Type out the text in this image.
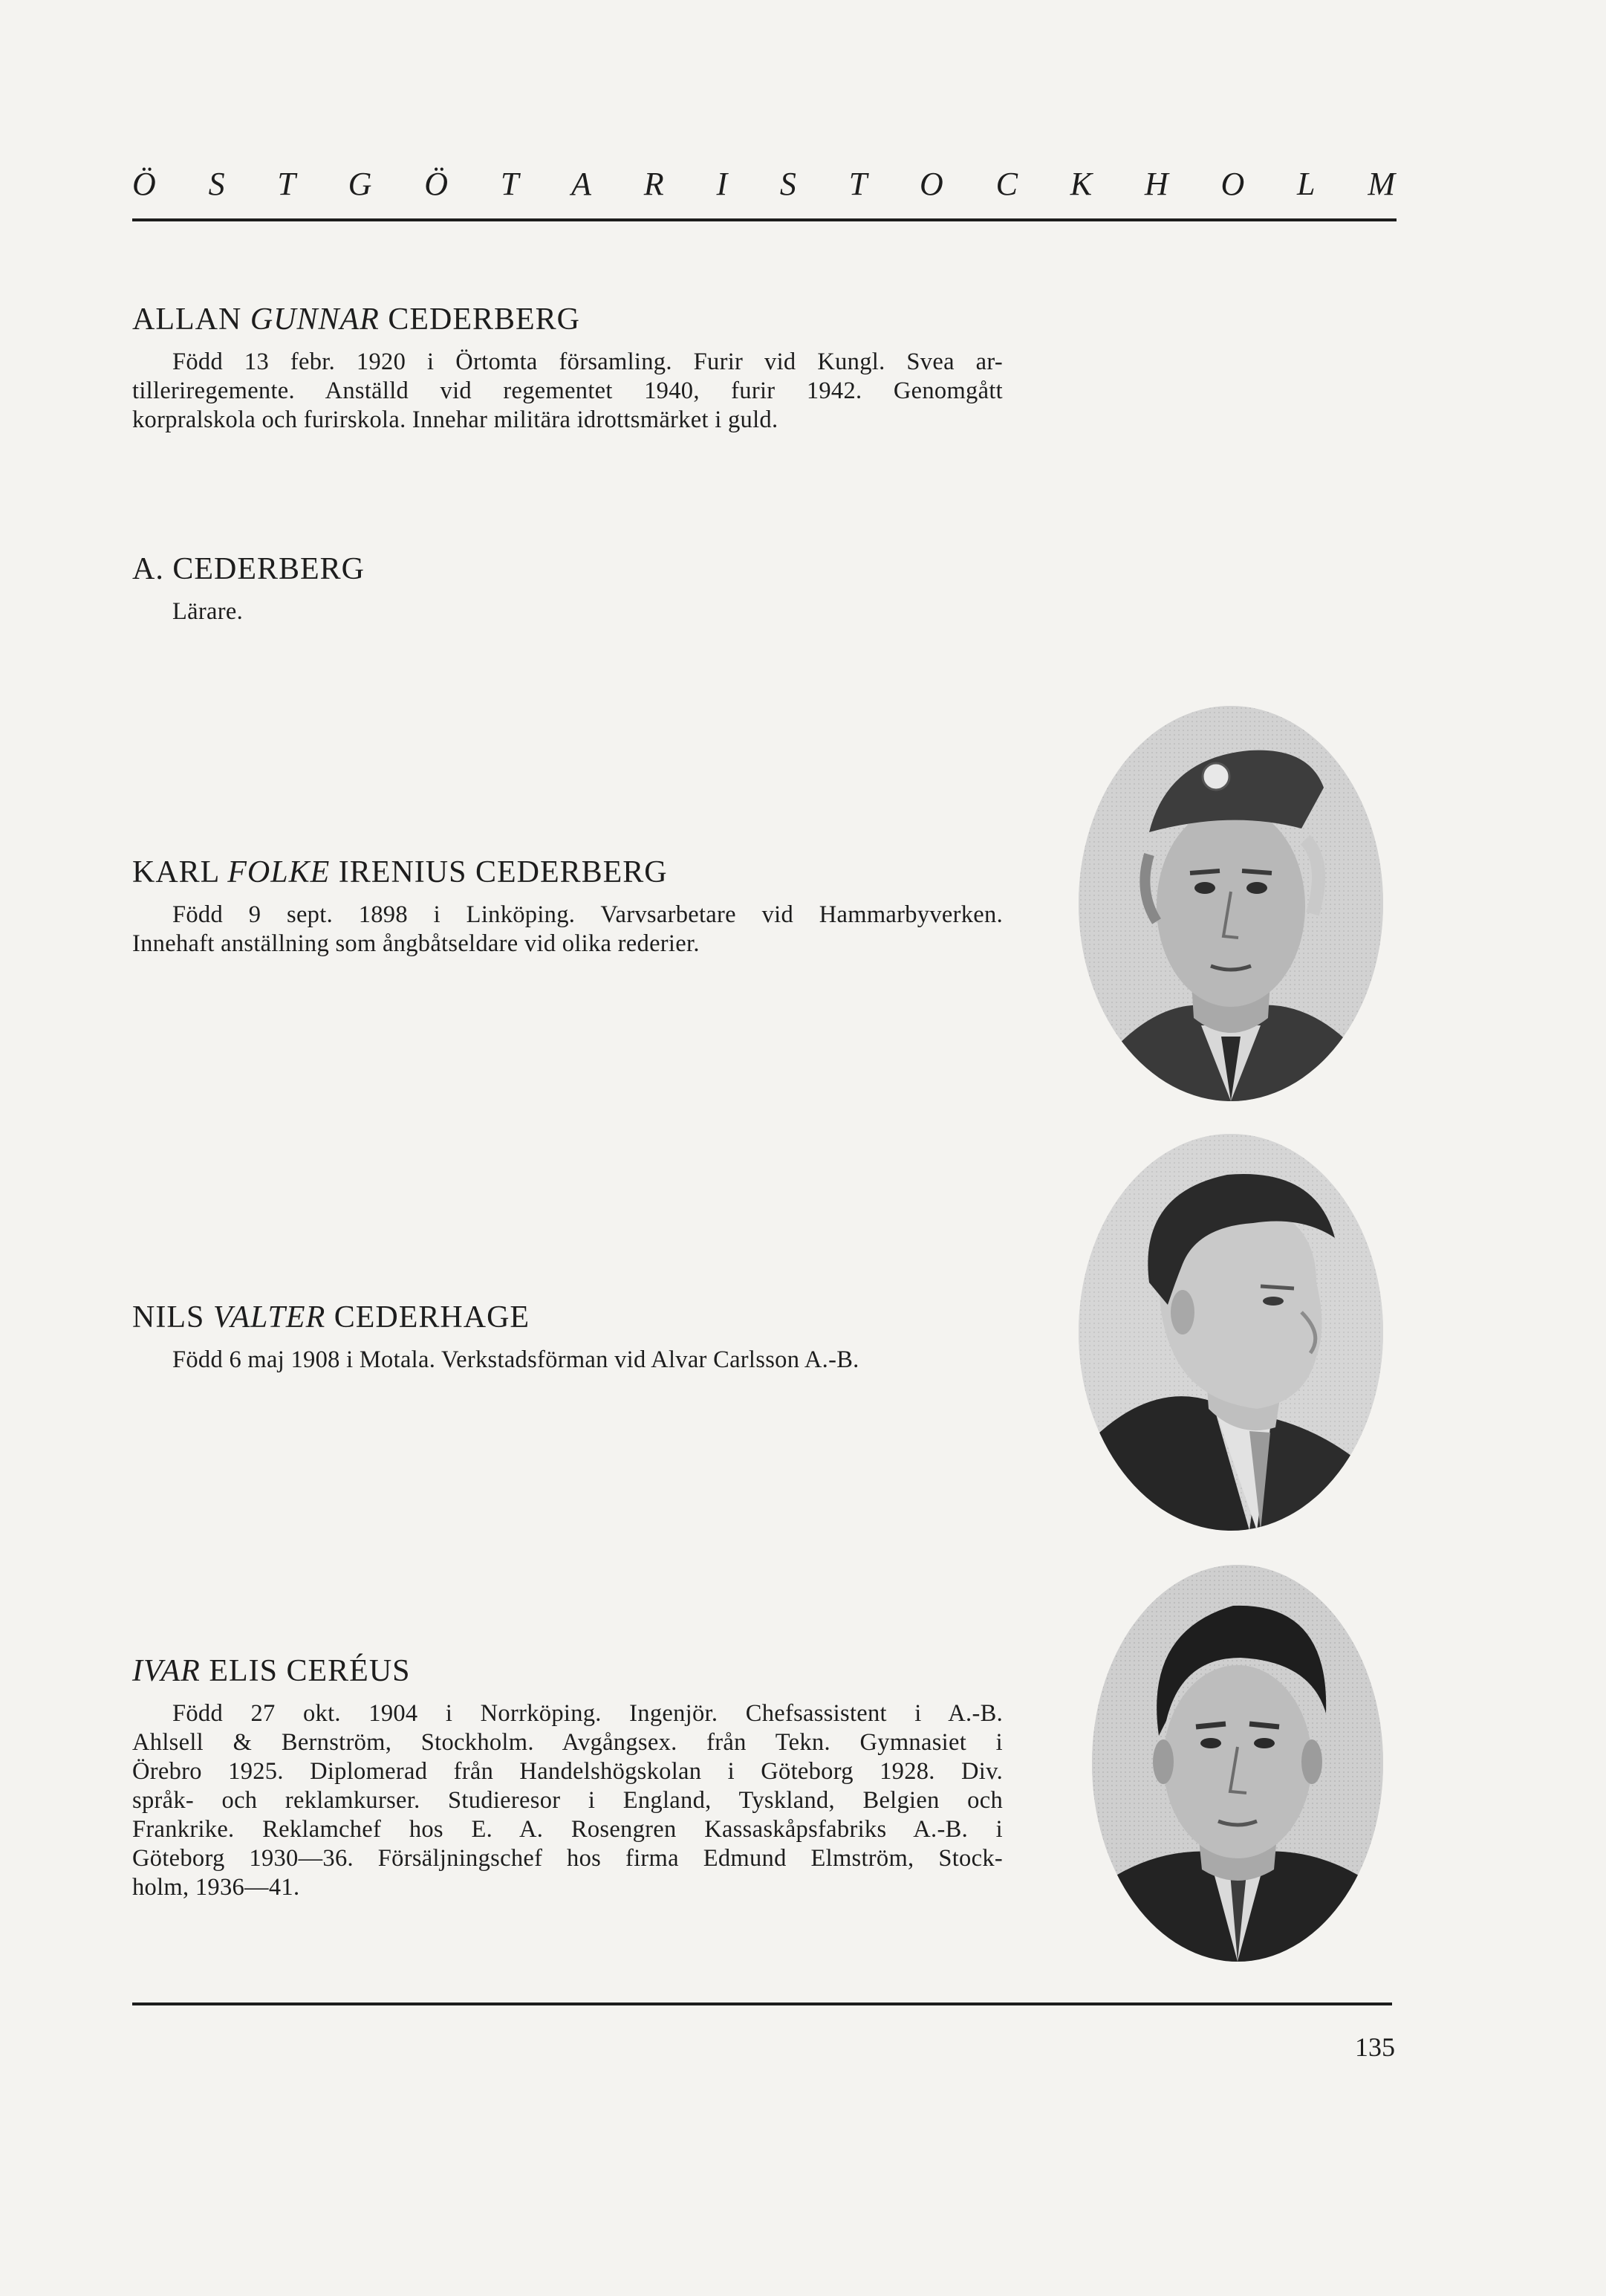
Ö S T G Ö T A R I S T O C K H O L M
ALLAN GUNNAR CEDERBERG
Född 13 febr. 1920 i Örtomta församling. Furir vid Kungl. Svea ar-
tilleriregemente. Anställd vid regementet 1940, furir 1942. Genomgått
korpralskola och furirskola. Innehar militära idrottsmärket i guld.
A. CEDERBERG
Lärare.
KARL FOLKE IRENIUS CEDERBERG
Född 9 sept. 1898 i Linköping. Varvsarbetare vid Hammarbyverken.
Innehaft anställning som ångbåtseldare vid olika rederier.
NILS VALTER CEDERHAGE
Född 6 maj 1908 i Motala. Verkstadsförman vid Alvar Carlsson A.-B.
IVAR ELIS CERÉUS
Född 27 okt. 1904 i Norrköping. Ingenjör. Chefsassistent i A.-B.
Ahlsell & Bernström, Stockholm. Avgångsex. från Tekn. Gymnasiet i
Örebro 1925. Diplomerad från Handelshögskolan i Göteborg 1928. Div.
språk- och reklamkurser. Studieresor i England, Tyskland, Belgien och
Frankrike. Reklamchef hos E. A. Rosengren Kassaskåpsfabriks A.-B. i
Göteborg 1930—36. Försäljningschef hos firma Edmund Elmström, Stock-
holm, 1936—41.
135
